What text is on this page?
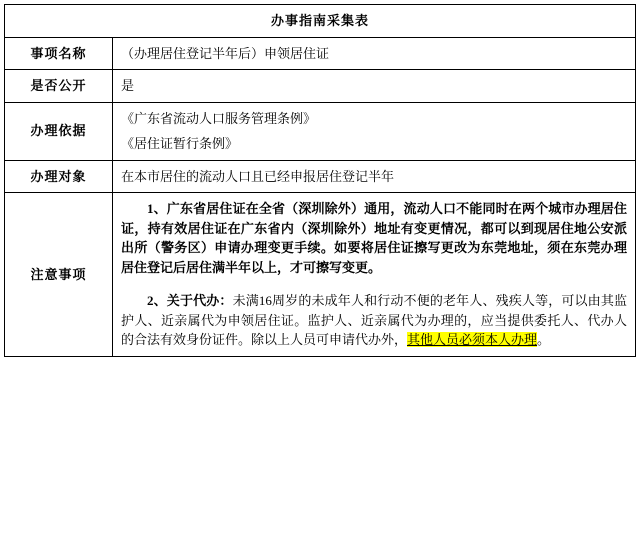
办事指南采集表	
事项名称	（办理居住登记半年后）申领居住证
是否公开	是
办理依据	《广东省流动人口服务管理条例》

《居住证暂行条例》

办理对象	在本市居住的流动人口且已经申报居住登记半年
注意事项	1、广东省居住证在全省（深圳除外）通用，流动人口不能同时在两个城市办理居住证，持有效居住证在广东省内（深圳除外）地址有变更情况，都可以到现居住地公安派出所（警务区）申请办理变更手续。如要将居住证擦写更改为东莞地址，须在东莞办理居住登记后居住满半年以上，才可擦写变更。

2、关于代办：未满16周岁的未成年人和行动不便的老年人、残疾人等，可以由其监护人、近亲属代为申领居住证。监护人、近亲属代为办理的，应当提供委托人、代办人的合法有效身份证件。除以上人员可申请代办外，其他人员必须本人办理。
